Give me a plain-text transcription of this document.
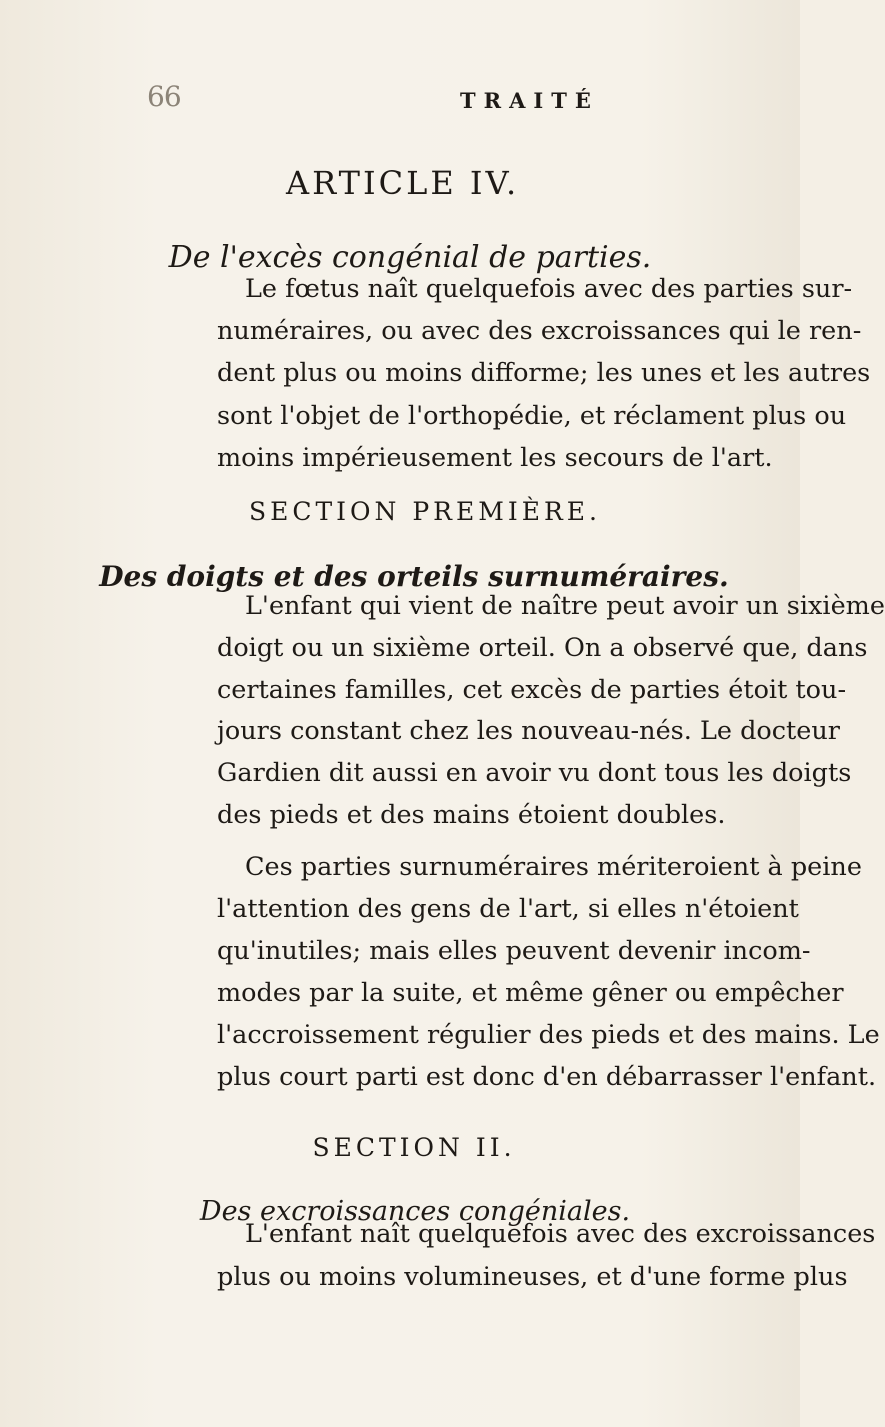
66	TRAITÉ
ARTICLE IV.
De l'excès congénial de parties.

Le fœtus naît quelquefois avec des parties sur-
numéraires, ou avec des excroissances qui le ren-
dent plus ou moins difforme; les unes et les autres
sont l'objet de l'orthopédie, et réclament plus ou
moins impérieusement les secours de l'art.

SECTION PREMIÈRE.
Des doigts et des orteils surnuméraires.

L'enfant qui vient de naître peut avoir un sixième
doigt ou un sixième orteil. On a observé que, dans
certaines familles, cet excès de parties étoit tou-
jours constant chez les nouveau-nés. Le docteur
Gardien dit aussi en avoir vu dont tous les doigts
des pieds et des mains étoient doubles.

Ces parties surnuméraires mériteroient à peine
l'attention des gens de l'art, si elles n'étoient
qu'inutiles; mais elles peuvent devenir incom-
modes par la suite, et même gêner ou empêcher
l'accroissement régulier des pieds et des mains. Le
plus court parti est donc d'en débarrasser l'enfant.

SECTION II.
Des excroissances congéniales.

L'enfant naît quelquefois avec des excroissances
plus ou moins volumineuses, et d'une forme plus
